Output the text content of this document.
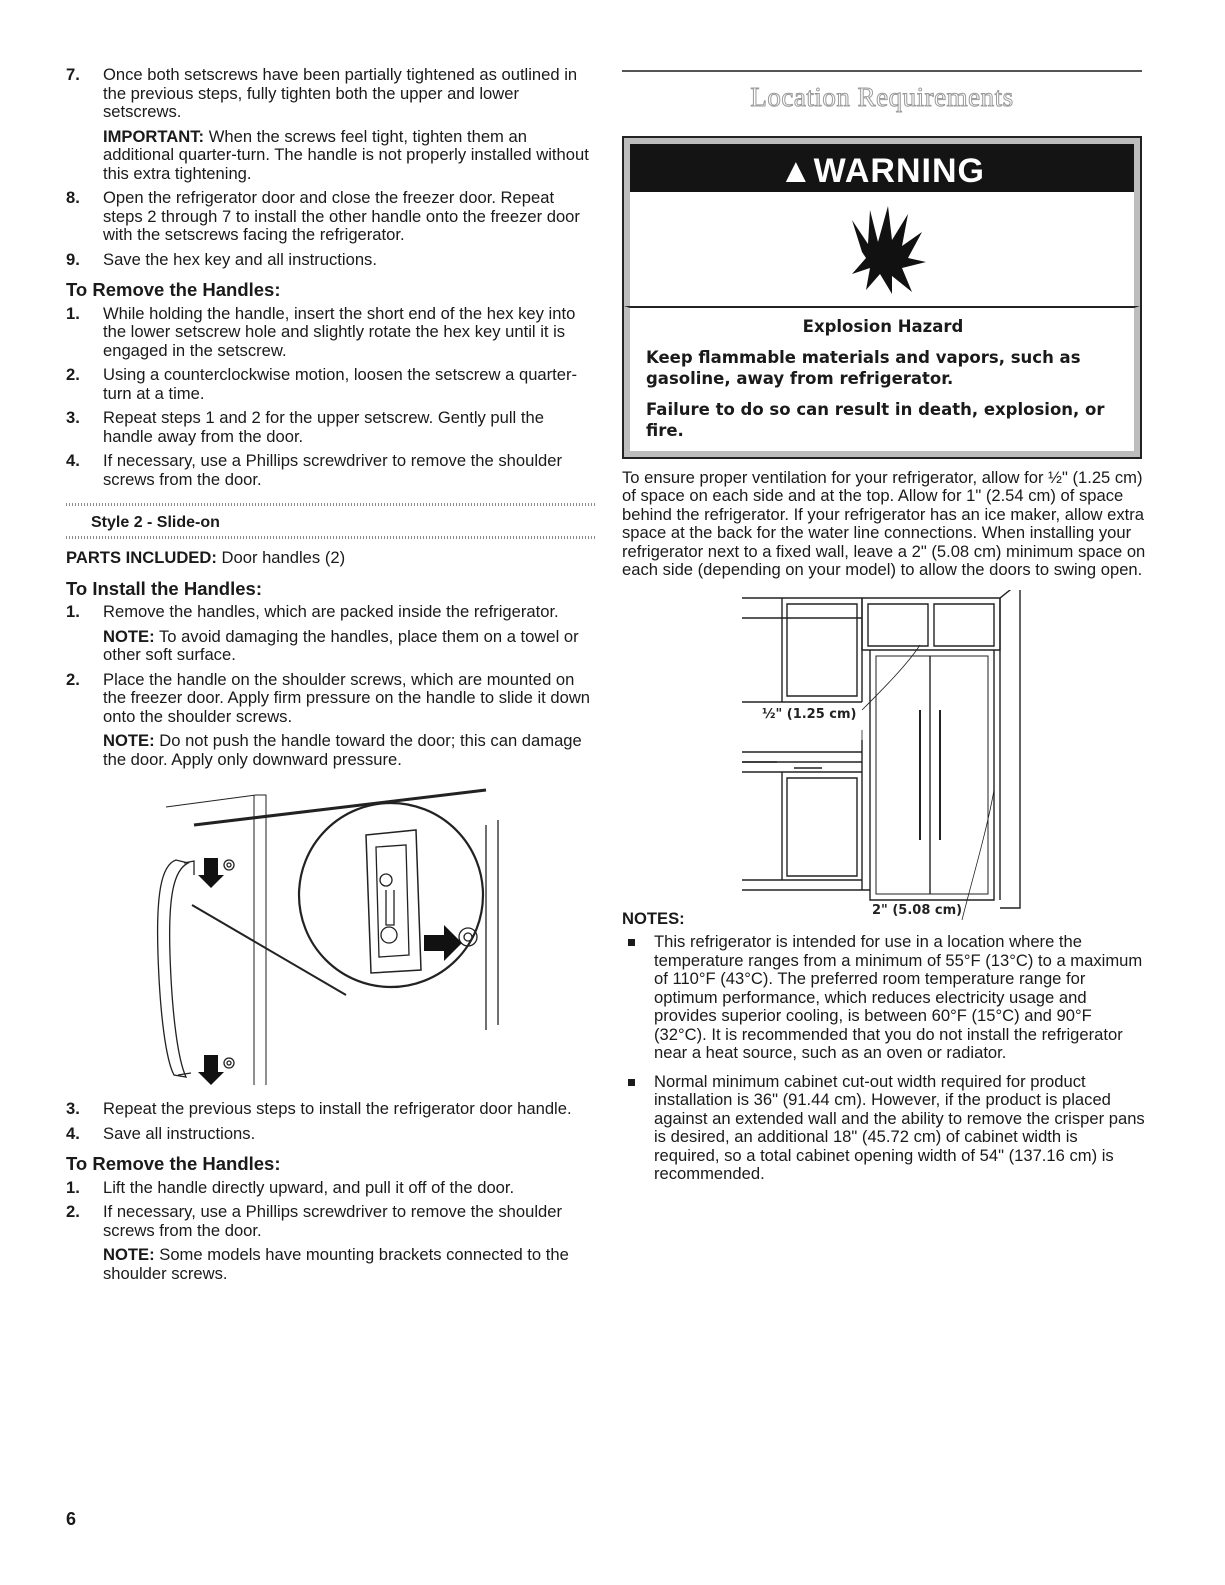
7. Once both setscrews have been partially tightened as outlined in the previous steps, fully tighten both the upper and lower setscrews.
IMPORTANT: When the screws feel tight, tighten them an additional quarter-turn. The handle is not properly installed without this extra tightening.
8. Open the refrigerator door and close the freezer door. Repeat steps 2 through 7 to install the other handle onto the freezer door with the setscrews facing the refrigerator.
9. Save the hex key and all instructions.
To Remove the Handles:
1. While holding the handle, insert the short end of the hex key into the lower setscrew hole and slightly rotate the hex key until it is engaged in the setscrew.
2. Using a counterclockwise motion, loosen the setscrew a quarter-turn at a time.
3. Repeat steps 1 and 2 for the upper setscrew. Gently pull the handle away from the door.
4. If necessary, use a Phillips screwdriver to remove the shoulder screws from the door.
Style 2 - Slide-on
PARTS INCLUDED: Door handles (2)
To Install the Handles:
1. Remove the handles, which are packed inside the refrigerator.
NOTE: To avoid damaging the handles, place them on a towel or other soft surface.
2. Place the handle on the shoulder screws, which are mounted on the freezer door. Apply firm pressure on the handle to slide it down onto the shoulder screws.
NOTE: Do not push the handle toward the door; this can damage the door. Apply only downward pressure.
3. Repeat the previous steps to install the refrigerator door handle.
4. Save all instructions.
To Remove the Handles:
1. Lift the handle directly upward, and pull it off of the door.
2. If necessary, use a Phillips screwdriver to remove the shoulder screws from the door.
NOTE: Some models have mounting brackets connected to the shoulder screws.
Location Requirements
▲WARNING
Explosion Hazard
Keep flammable materials and vapors, such as gasoline, away from refrigerator.
Failure to do so can result in death, explosion, or fire.
To ensure proper ventilation for your refrigerator, allow for ½" (1.25 cm) of space on each side and at the top. Allow for 1" (2.54 cm) of space behind the refrigerator. If your refrigerator has an ice maker, allow extra space at the back for the water line connections. When installing your refrigerator next to a fixed wall, leave a 2" (5.08 cm) minimum space on each side (depending on your model) to allow the doors to swing open.
½" (1.25 cm)
2" (5.08 cm)
NOTES:
This refrigerator is intended for use in a location where the temperature ranges from a minimum of 55°F (13°C) to a maximum of 110°F (43°C). The preferred room temperature range for optimum performance, which reduces electricity usage and provides superior cooling, is between 60°F (15°C) and 90°F (32°C). It is recommended that you do not install the refrigerator near a heat source, such as an oven or radiator.
Normal minimum cabinet cut-out width required for product installation is 36" (91.44 cm). However, if the product is placed against an extended wall and the ability to remove the crisper pans is desired, an additional 18" (45.72 cm) of cabinet width is required, so a total cabinet opening width of 54" (137.16 cm) is recommended.
6
